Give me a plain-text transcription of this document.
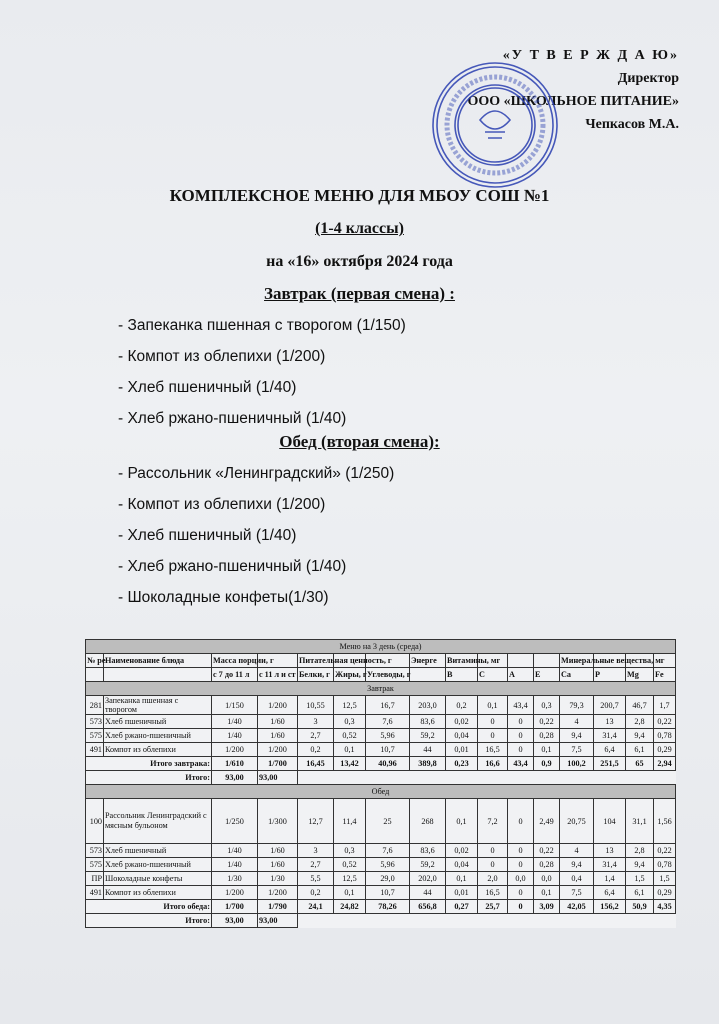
«У Т В Е Р Ж Д А Ю»
Директор
ООО «ШКОЛЬНОЕ ПИТАНИЕ»
Чепкасов М.А.
КОМПЛЕКСНОЕ МЕНЮ ДЛЯ МБОУ СОШ №1
(1-4 классы)
на «16» октября 2024 года
Завтрак (первая смена) :
- Запеканка пшенная с творогом (1/150)
- Компот из облепихи (1/200)
- Хлеб пшеничный (1/40)
- Хлеб ржано-пшеничный (1/40)
Обед (вторая смена):
- Рассольник «Ленинградский» (1/250)
- Компот из облепихи (1/200)
- Хлеб пшеничный (1/40)
- Хлеб ржано-пшеничный (1/40)
- Шоколадные конфеты(1/30)
Меню на 3 день (среда)															
№ ре	Наименование блюда	Масса порции, г		Питательная ценность, г			Энерге	Витамины, мг				Минеральные вещества, мг			
		с 7 до 11 л	с 11 л и ст	Белки, г	Жиры, г	Углеводы, г		B	C	A	E	Ca	P	Mg	Fe
Завтрак															
281	Запеканка пшенная с творогом	1/150	1/200	10,55	12,5	16,7	203,0	0,2	0,1	43,4	0,3	79,3	200,7	46,7	1,7
573	Хлеб пшеничный	1/40	1/60	3	0,3	7,6	83,6	0,02	0	0	0,22	4	13	2,8	0,22
575	Хлеб ржано-пшеничный	1/40	1/60	2,7	0,52	5,96	59,2	0,04	0	0	0,28	9,4	31,4	9,4	0,78
491	Компот из облепихи	1/200	1/200	0,2	0,1	10,7	44	0,01	16,5	0	0,1	7,5	6,4	6,1	0,29
Итого завтрака:		1/610	1/700	16,45	13,42	40,96	389,8	0,23	16,6	43,4	0,9	100,2	251,5	65	2,94
Итого:		93,00	93,00												
Обед															
100	Рассольник Ленинградский с мясным бульоном	1/250	1/300	12,7	11,4	25	268	0,1	7,2	0	2,49	20,75	104	31,1	1,56
573	Хлеб пшеничный	1/40	1/60	3	0,3	7,6	83,6	0,02	0	0	0,22	4	13	2,8	0,22
575	Хлеб ржано-пшеничный	1/40	1/60	2,7	0,52	5,96	59,2	0,04	0	0	0,28	9,4	31,4	9,4	0,78
ПР	Шоколадные конфеты	1/30	1/30	5,5	12,5	29,0	202,0	0,1	2,0	0,0	0,0	0,4	1,4	1,5	1,5
491	Компот из облепихи	1/200	1/200	0,2	0,1	10,7	44	0,01	16,5	0	0,1	7,5	6,4	6,1	0,29
Итого обеда:		1/700	1/790	24,1	24,82	78,26	656,8	0,27	25,7	0	3,09	42,05	156,2	50,9	4,35
Итого:		93,00	93,00												
